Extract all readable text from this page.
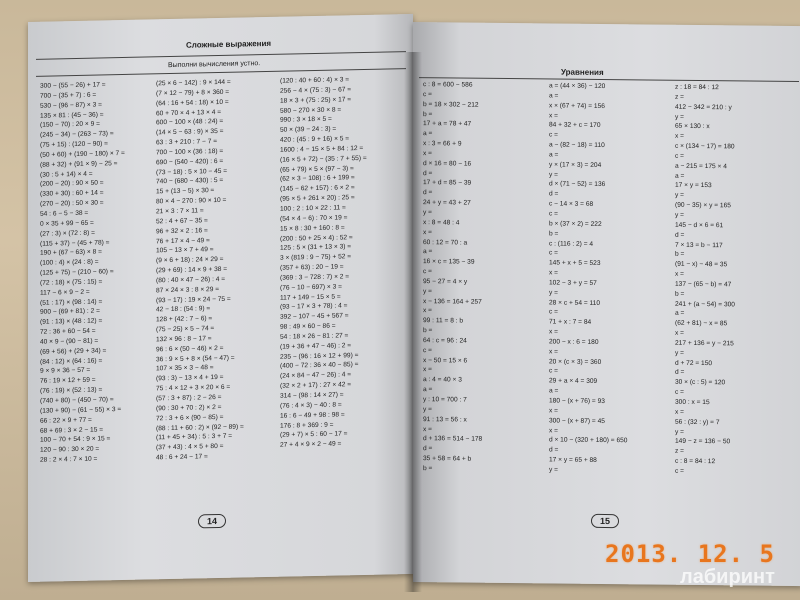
Сложные выражения
Выполни вычисления устно.
300 − (55 − 26) + 17 =
700 − (35 + 7) : 6 =
530 − (96 − 87) × 3 =
135 × 81 : (45 − 36) =
(150 − 70) : 20 × 9 =
(245 − 34) − (263 − 73) =
(75 + 15) : (120 − 90) =
(50 + 60) + (190 − 180) × 7 =
(88 + 32) + (91 × 9) − 25 =
(30 : 5 + 14) × 4 =
(200 − 20) : 90 × 50 =
(330 + 30) : 60 + 14 =
(270 − 20) : 50 × 30 =
54 : 6 − 5 − 38 =
0 × 35 + 99 − 65 =
(27 : 3) × (72 : 8) =
(115 + 37) − (45 + 78) =
190 + (67 − 63) × 8 =
(100 : 4) × (24 : 8) =
(125 + 75) − (210 − 60) =
(72 : 18) × (75 : 15) =
117 − 6 × 9 − 2 =
(51 : 17) × (98 : 14) =
900 − (69 + 81) : 2 =
(91 : 13) × (48 : 12) =
72 : 36 + 60 − 54 =
40 × 9 − (90 − 81) =
(69 + 56) + (29 + 34) =
(84 : 12) × (64 : 16) =
9 × 9 × 36 − 57 =
76 : 19 × 12 + 59 =
(76 : 19) × (52 : 13) =
(740 + 80) − (450 − 70) =
(130 + 90) − (61 − 55) × 3 =
66 : 22 × 9 + 77 =
68 + 69 : 3 × 2 − 15 =
100 − 70 + 54 : 9 × 15 =
120 − 90 : 30 × 20 =
28 : 2 × 4 : 7 × 10 =
(25 × 6 − 142) : 9 × 144 =
(7 × 12 − 79) + 8 × 360 =
(64 : 16 + 54 : 18) × 10 =
60 + 70 × 4 + 13 × 4 =
600 − 100 × (48 : 24) =
(14 × 5 − 63 : 9) × 35 =
63 : 3 + 210 : 7 − 7 =
700 − 100 × (36 : 18) =
690 − (540 − 420) : 6 =
(73 − 18) : 5 × 10 − 45 =
740 − (680 − 430) : 5 =
15 + (13 − 5) × 30 =
80 × 4 − 270 : 90 × 10 =
21 × 3 : 7 × 11 =
52 : 4 + 67 − 35 =
96 + 32 × 2 : 16 =
76 + 17 × 4 − 49 =
105 − 13 × 7 + 49 =
(9 × 6 + 18) : 24 × 29 =
(29 + 69) : 14 × 9 + 38 =
(80 : 40 × 47 − 26) : 4 =
87 × 24 × 3 : 8 × 29 =
(93 − 17) : 19 × 24 − 75 =
42 − 18 : (54 : 9) =
128 + (42 : 7 − 6) =
(75 − 25) × 5 − 74 =
132 × 96 : 8 − 17 =
96 : 6 × (50 − 46) × 2 =
36 : 9 × 5 + 8 × (54 − 47) =
107 × 35 × 3 − 48 =
(93 : 3) − 13 × 4 + 19 =
75 : 4 × 12 + 3 × 20 × 6 =
(57 : 3 + 87) : 2 − 26 =
(90 : 30 + 70 : 2) × 2 =
72 : 3 + 6 × (90 − 85) =
(88 : 11 + 60 : 2) × (92 − 89) =
(11 + 45 + 34) : 5 : 3 + 7 =
(37 + 43) : 4 × 5 + 80 =
48 : 6 + 24 − 17 =
(120 : 40 + 60 : 4) × 3 =
256 − 4 × (75 : 3) − 67 =
18 × 3 + (75 : 25) × 17 =
580 − 270 × 30 × 8 =
990 : 3 × 18 × 5 =
50 × (39 − 24 : 3) =
420 : (45 : 9 + 16) × 5 =
1600 : 4 − 15 × 5 + 84 : 12 =
(16 × 5 + 72) − (35 : 7 + 55) =
(65 + 79) × 5 × (97 − 3) =
(62 × 3 − 108) : 6 + 199 =
(145 − 62 + 157) : 6 × 2 =
(95 × 5 + 261 × 20) : 25 =
100 : 2 : 10 × 22 : 11 =
(54 × 4 − 6) : 70 × 19 =
15 × 8 : 30 + 160 : 8 =
(200 : 50 + 25 × 4) : 52 =
125 : 5 × (31 + 13 × 3) =
3 × (819 : 9 − 75) + 52 =
(357 + 63) : 20 − 19 =
(369 : 3 − 728 : 7) × 2 =
(76 − 10 − 697) × 3 =
117 + 149 − 15 × 5 =
(93 − 17 × 3 + 78) : 4 =
392 − 107 − 45 + 567 =
98 : 49 × 60 − 86 =
54 : 18 × 26 − 81 : 27 =
(19 + 36 + 47 − 46) : 2 =
235 − (96 : 16 × 12 + 99) =
(400 − 72 : 36 × 40 − 85) =
(24 × 84 − 47 − 26) : 4 =
(32 × 2 + 17) : 27 × 42 =
314 − (98 : 14 × 27) =
(76 : 4 × 3) − 40 : 8 =
16 : 6 − 49 + 98 : 98 =
176 : 8 + 369 : 9 =
(29 + 7) × 5 : 60 − 17 =
27 + 4 × 9 × 2 − 49 =
14
Уравнения
c : 8 = 600 − 586
c =
b = 18 × 302 − 212
b =
17 + a = 78 + 47
a =
x : 3 = 66 + 9
x =
d × 16 = 80 − 16
d =
17 + d = 85 − 39
d =
24 + y = 43 + 27
y =
x : 8 = 48 : 4
x =
60 : 12 = 70 : a
a =
16 × c = 135 − 39
c =
95 − 27 = 4 × y
y =
x − 136 = 164 + 257
x =
99 : 11 = 8 : b
b =
64 : c = 96 : 24
c =
x − 50 = 15 × 6
x =
a : 4 = 40 × 3
a =
y : 10 = 700 : 7
y =
91 : 13 = 56 : x
x =
d + 136 = 514 − 178
d =
35 + 58 = 64 + b
b =
a = (44 × 36) − 120
a =
x × (67 + 74) = 156
x =
84 + 32 + c = 170
c =
a − (82 − 18) = 110
a =
y × (17 × 3) = 204
y =
d × (71 − 52) = 136
d =
c − 14 × 3 = 68
c =
b × (37 × 2) = 222
b =
c : (116 : 2) = 4
c =
145 + x + 5 = 523
x =
102 − 3 + y = 57
y =
28 × c + 54 = 110
c =
71 + x : 7 = 84
x =
200 − x : 6 = 180
x =
20 × (c × 3) = 360
c =
29 + a × 4 = 309
a =
180 − (x + 76) = 93
x =
300 − (x + 87) = 45
x =
d × 10 − (320 + 180) = 650
d =
17 × y = 65 + 88
y =
z : 18 = 84 : 12
z =
412 − 342 = 210 : y
y =
65 × 130 : x
x =
c × (134 − 17) = 180
c =
a − 215 = 175 × 4
a =
17 × y = 153
y =
(90 − 35) × y = 165
y =
145 − d × 6 = 61
d =
7 × 13 = b − 117
b =
(91 − x) − 48 = 35
x =
137 − (65 − b) = 47
b =
241 + (a − 54) = 300
a =
(62 + 81) − x = 85
x =
217 + 136 = y − 215
y =
d + 72 = 150
d =
30 × (c : 5) = 120
c =
300 : x = 15
x =
56 : (32 : y) = 7
y =
149 − z = 136 − 50
z =
c : 8 = 84 : 12
c =
15
2013. 12. 5
лабиринт
